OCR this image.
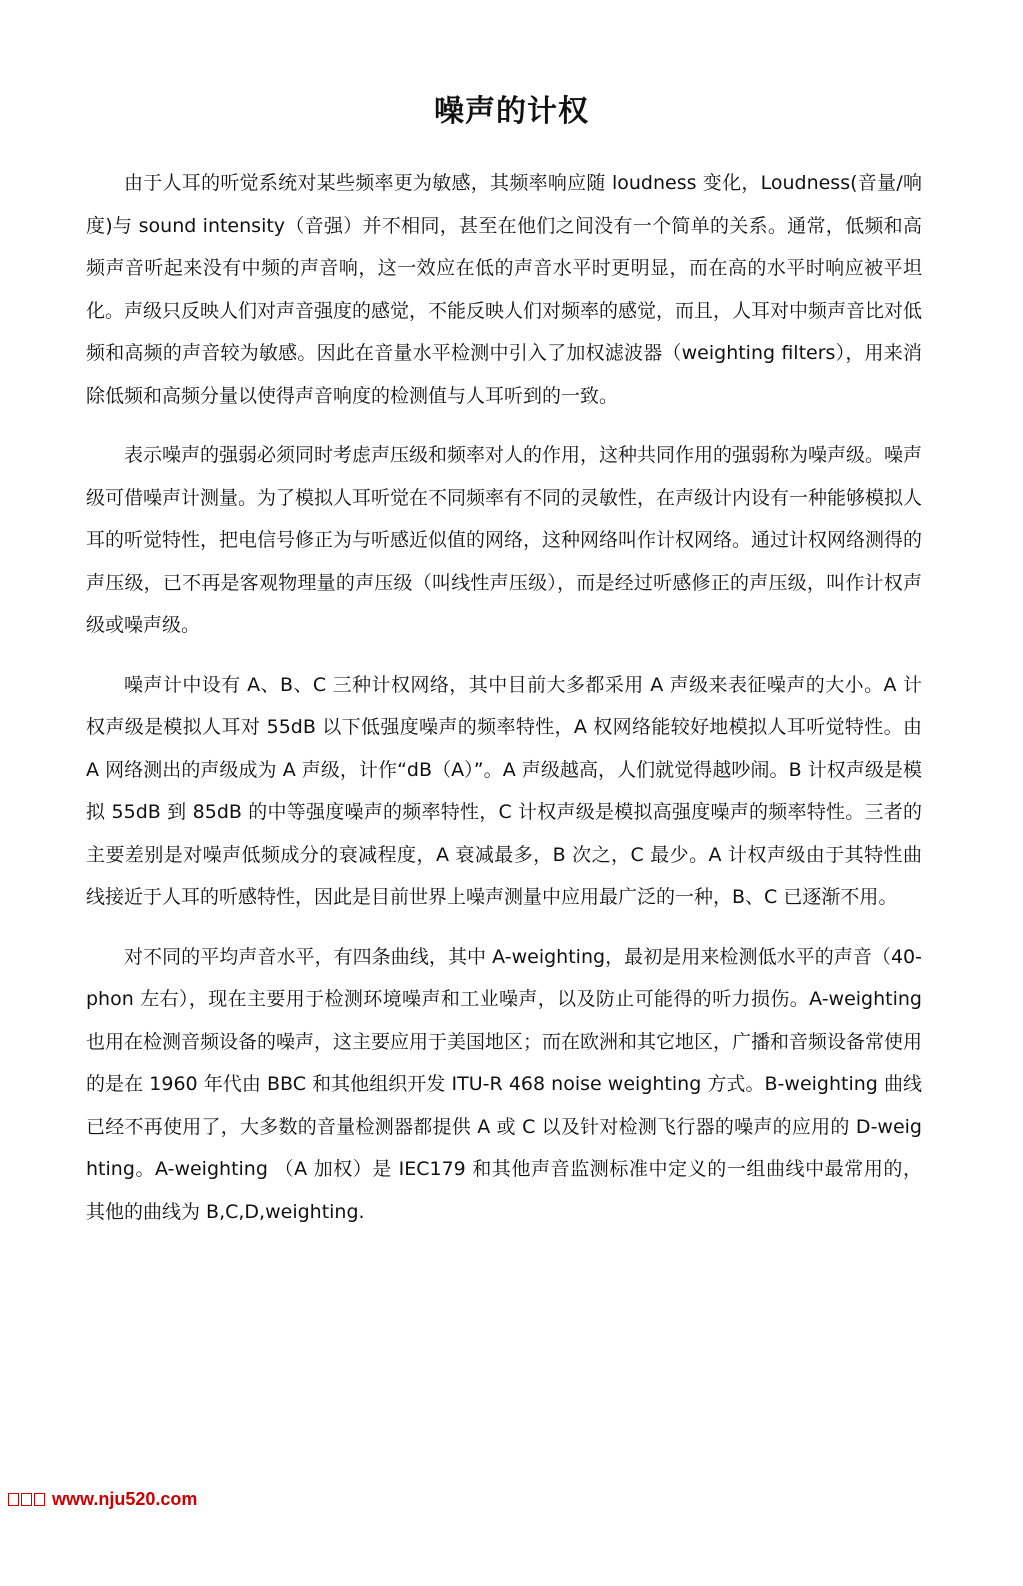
噪声的计权

由于人耳的听觉系统对某些频率更为敏感，其频率响应随 loudness 变化，Loudness(音量/响度)与 sound intensity（音强）并不相同，甚至在他们之间没有一个简单的关系。通常，低频和高频声音听起来没有中频的声音响，这一效应在低的声音水平时更明显，而在高的水平时响应被平坦化。声级只反映人们对声音强度的感觉，不能反映人们对频率的感觉，而且，人耳对中频声音比对低频和高频的声音较为敏感。因此在音量水平检测中引入了加权滤波器（weighting filters），用来消除低频和高频分量以使得声音响度的检测值与人耳听到的一致。

表示噪声的强弱必须同时考虑声压级和频率对人的作用，这种共同作用的强弱称为噪声级。噪声级可借噪声计测量。为了模拟人耳听觉在不同频率有不同的灵敏性，在声级计内设有一种能够模拟人耳的听觉特性，把电信号修正为与听感近似值的网络，这种网络叫作计权网络。通过计权网络测得的声压级，已不再是客观物理量的声压级（叫线性声压级），而是经过听感修正的声压级，叫作计权声级或噪声级。

噪声计中设有 A、B、C 三种计权网络，其中目前大多都采用 A 声级来表征噪声的大小。A 计权声级是模拟人耳对 55dB 以下低强度噪声的频率特性，A 权网络能较好地模拟人耳听觉特性。由 A 网络测出的声级成为 A 声级，计作“dB（A）”。A 声级越高，人们就觉得越吵闹。B 计权声级是模拟 55dB 到 85dB 的中等强度噪声的频率特性，C 计权声级是模拟高强度噪声的频率特性。三者的主要差别是对噪声低频成分的衰减程度，A 衰减最多，B 次之，C 最少。A 计权声级由于其特性曲线接近于人耳的听感特性，因此是目前世界上噪声测量中应用最广泛的一种，B、C 已逐渐不用。

对不同的平均声音水平，有四条曲线，其中 A-weighting，最初是用来检测低水平的声音（40-phon 左右），现在主要用于检测环境噪声和工业噪声，以及防止可能得的听力损伤。A-weighting 也用在检测音频设备的噪声，这主要应用于美国地区；而在欧洲和其它地区，广播和音频设备常使用的是在 1960 年代由 BBC 和其他组织开发 ITU-R 468 noise weighting 方式。B-weighting 曲线已经不再使用了，大多数的音量检测器都提供 A 或 C 以及针对检测飞行器的噪声的应用的 D-weighting。A-weighting （A 加权）是 IEC179 和其他声音监测标准中定义的一组曲线中最常用的，其他的曲线为 B,C,D,weighting.

www.nju520.com
